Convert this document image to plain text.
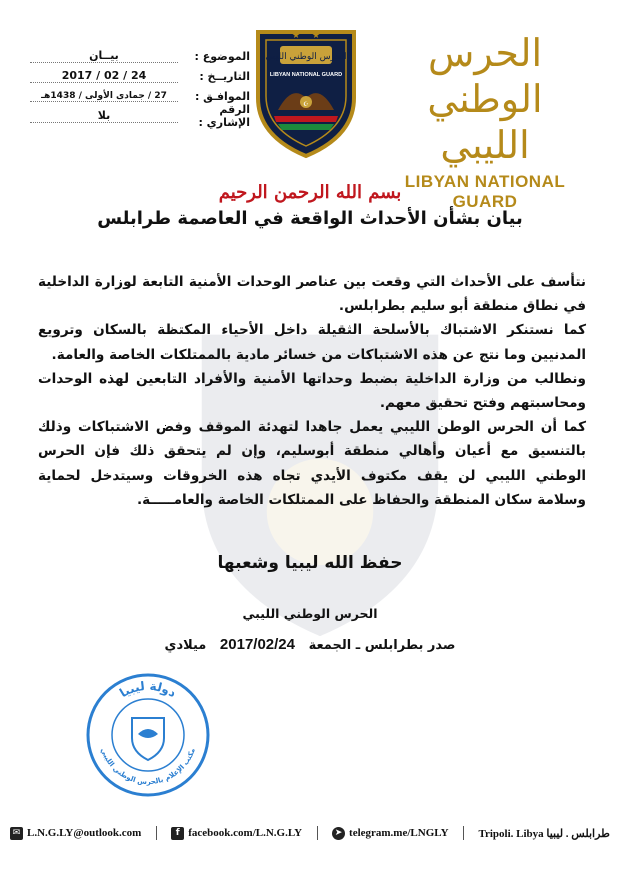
الموضوع :
بيــان
التاريــخ :
24 / 02 / 2017
الموافـق :
27 / جمادى الأولى / 1438هـ
الرقم الإشاري :
بلا
★ ★
الحرس الوطني الليبي
LIBYAN NATIONAL GUARD
☪
الحرس الوطني الليبي
LIBYAN NATIONAL GUARD
بسم الله الرحمن الرحيم
بيان بشأن الأحداث الواقعة في العاصمة طرابلس

نتأسف على الأحداث التي وقعت بين عناصر الوحدات الأمنية التابعة لوزارة الداخلية في نطاق منطقة أبو سليم بطرابلس.

كما نستنكر الاشتباك بالأسلحة الثقيلة داخل الأحياء المكتظة بالسكان وترويع المدنيين وما نتج عن هذه الاشتباكات من خسائر مادية بالممتلكات الخاصة والعامة.

ونطالب من وزارة الداخلية بضبط وحداتها الأمنية والأفراد التابعين لهذه الوحدات ومحاسبتهم وفتح تحقيق معهم.

كما أن الحرس الوطن الليبي يعمل جاهدا لتهدئة الموقف وفض الاشتباكات وذلك بالتنسيق مع أعيان وأهالي منطقة أبوسليم، وإن لم يتحقق ذلك فإن الحرس الوطني الليبي لن يقف مكتوف الأيدي تجاه هذه الخروقات وسيتدخل لحماية وسلامة سكان المنطقة والحفاظ على الممتلكات الخاصة والعامـــــة.

حفظ الله ليبيا وشعبها
الحرس الوطني الليبي
صدر بطرابلس ـ الجمعة   2017/02/24   ميلادي
دولة ليبيا
مكتب الإعلام بالحرس الوطني الليبي
✉ L.N.G.LY@outlook.com	f facebook.com/L.N.G.LY	➤ telegram.me/LNGLY	Tripoli. Libya طرابلس . ليبيا
